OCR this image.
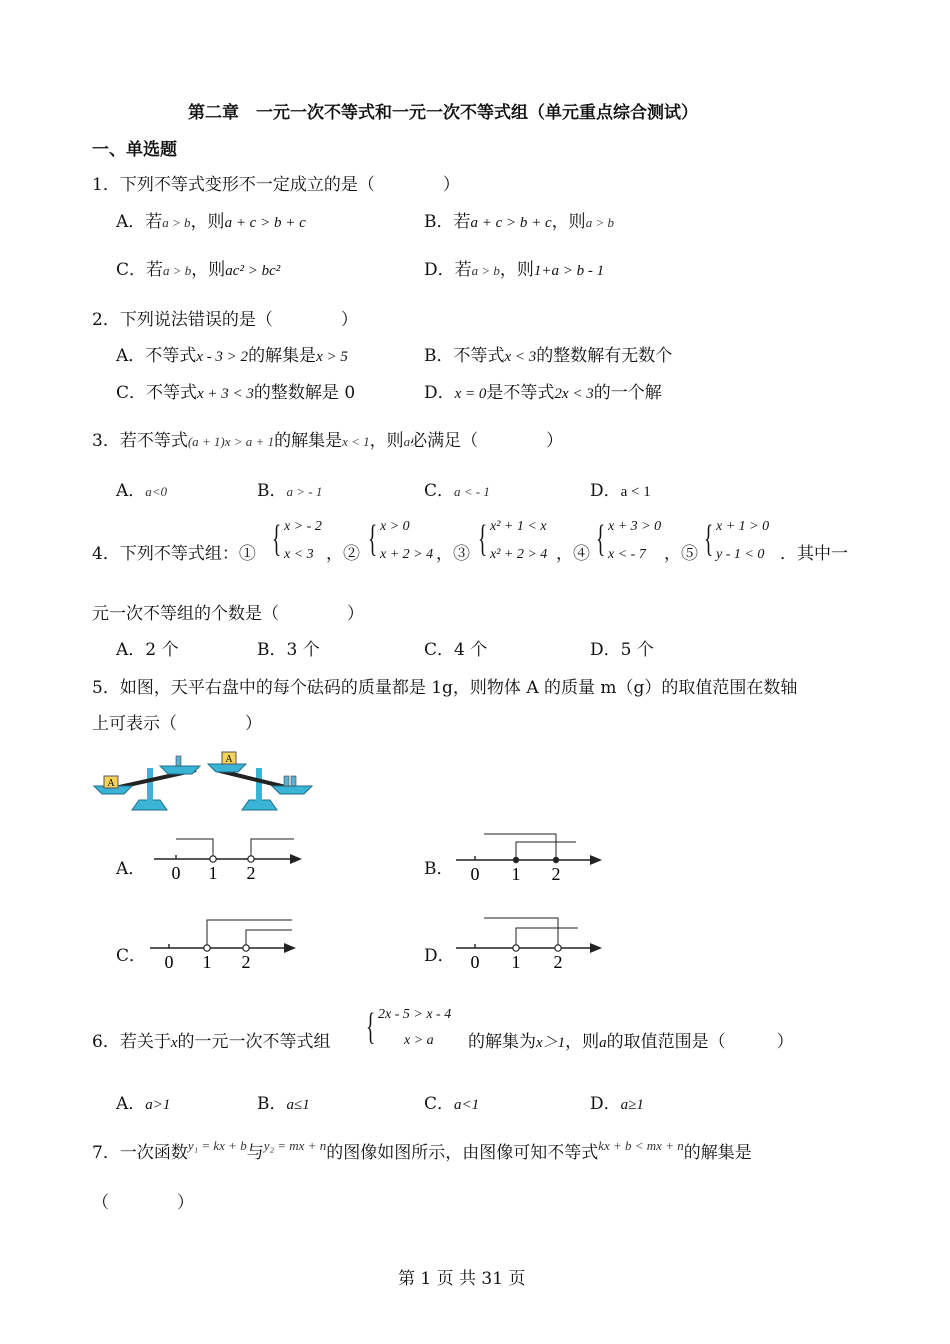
第二章　一元一次不等式和一元一次不等式组（单元重点综合测试）
一、单选题
1．下列不等式变形不一定成立的是（　　　　）
A．若a > b，则a + c > b + c	B．若a + c > b + c，则a > b
C．若a > b，则ac² > bc²	D．若a > b，则1+a > b - 1
2．下列说法错误的是（　　　　）
A．不等式x - 3 > 2的解集是x > 5	B．不等式x < 3的整数解有无数个
C．不等式x + 3 < 3的整数解是 0	D．x = 0是不等式2x < 3的一个解
3．若不等式(a + 1)x > a + 1的解集是x < 1，则a必满足（　　　　）
A．a<0	B．a > - 1	C．a < - 1	D．a < 1
4．下列不等式组：① { x > - 2
x < 3 ，② { x > 0
x + 2 > 4 ，③ { x² + 1 < x
x² + 2 > 4 ，④ { x + 3 > 0
x < - 7 ，⑤ { x + 1 > 0
y - 1 < 0 ．其中一
元一次不等组的个数是（　　　　）
A．2 个	B．3 个	C．4 个	D．5 个
5．如图，天平右盘中的每个砝码的质量都是 1g，则物体 A 的质量 m（g）的取值范围在数轴
上可表示（　　　　）
A
A
A． 0 1 2	B． 0 1 2
C． 0 1 2	D． 0 1 2
6．若关于x的一元一次不等式组 { 2x - 5 > x - 4
x > a 的解集为x＞1，则a的取值范围是（　　　）
A．a>1	B．a≤1	C．a<1	D．a≥1
7．一次函数$^{y_1 = kx + b}$与$^{y_2 = mx + n}$的图像如图所示，由图像可知不等式$^{kx + b < mx + n}$的解集是
（　　　　）
第 1 页 共 31 页
